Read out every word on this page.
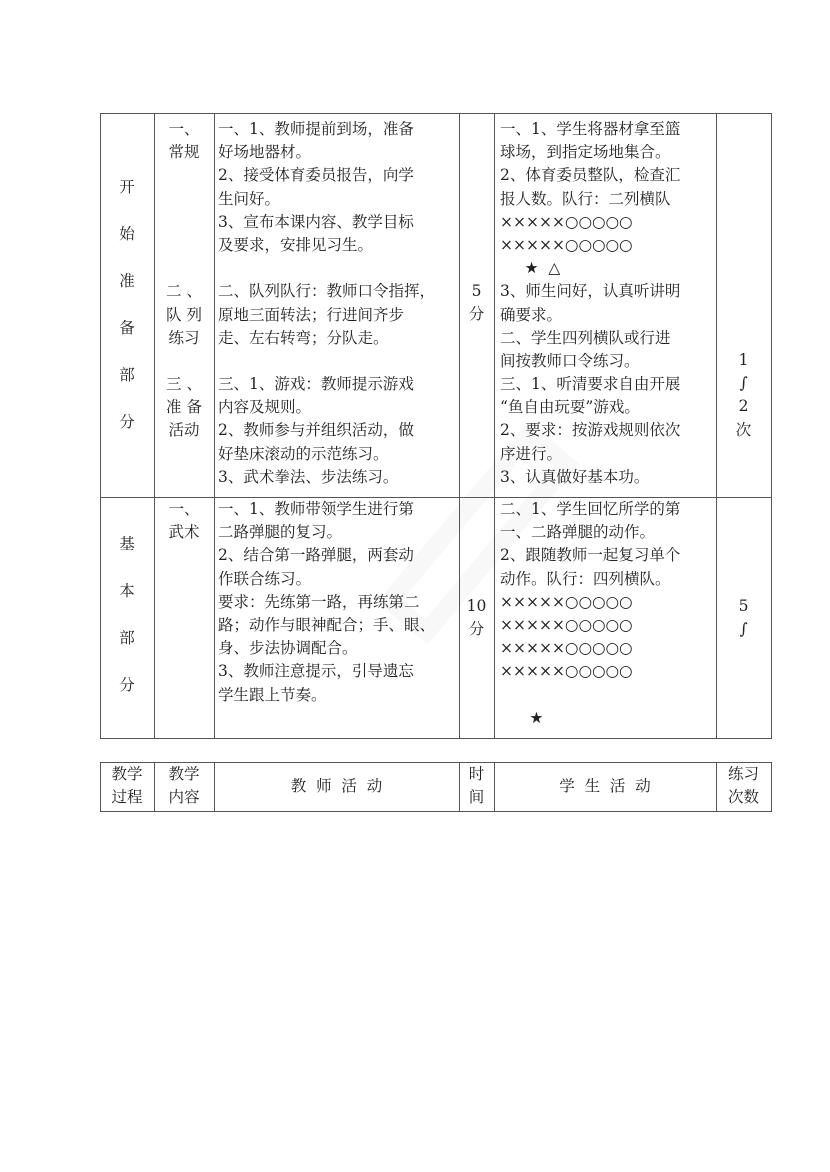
开
始
准
备
部
分
一、
常规
二 、
队 列
练习
三 、
准 备
活动
一、1、教师提前到场，准备
好场地器材。
2、接受体育委员报告，向学
生问好。
3、宣布本课内容、教学目标
及要求，安排见习生。
二、队列队行：教师口令指挥，
原地三面转法；行进间齐步
走、左右转弯；分队走。
三、1、游戏：教师提示游戏
内容及规则。
2、教师参与并组织活动，做
好垫床滚动的示范练习。
3、武术拳法、步法练习。
5
分
一、1、学生将器材拿至篮
球场，到指定场地集合。
2、体育委员整队，检查汇
报人数。队行：二列横队
×××××○○○○○
×××××○○○○○
★  △
3、师生问好，认真听讲明
确要求。
二、学生四列横队或行进
间按教师口令练习。
三、1、听清要求自由开展
“鱼自由玩耍”游戏。
2、要求：按游戏规则依次
序进行。
3、认真做好基本功。
1
∫
2
次
基
本
部
分
一、
武术
一、1、教师带领学生进行第
二路弹腿的复习。
2、结合第一路弹腿，两套动
作联合练习。
要求：先练第一路，再练第二
路；动作与眼神配合；手、眼、
身、步法协调配合。
3、教师注意提示，引导遗忘
学生跟上节奏。
10
分
二、1、学生回忆所学的第
一、二路弹腿的动作。
2、跟随教师一起复习单个
动作。队行：四列横队。
×××××○○○○○
×××××○○○○○
×××××○○○○○
×××××○○○○○
★
5
∫
教学
过程
教学
内容
教  师  活  动
时
间
学  生  活  动
练习
次数
